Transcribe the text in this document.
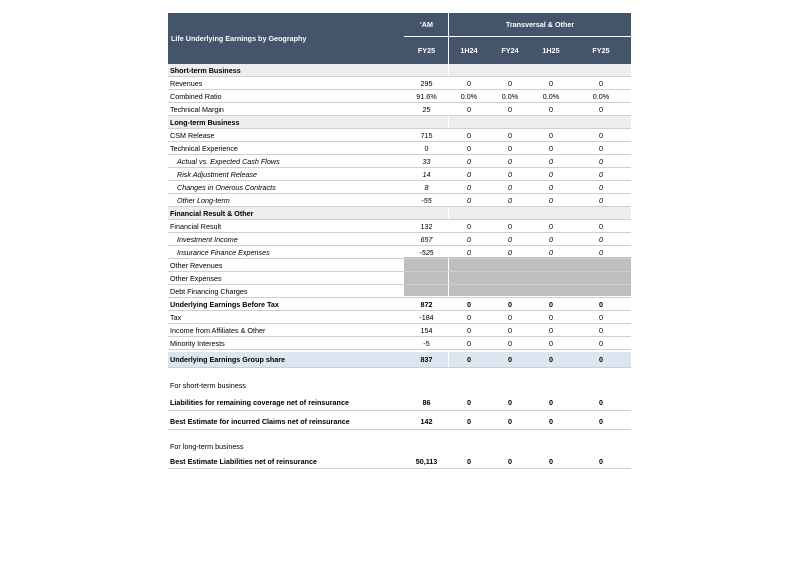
Life Underlying Earnings by Geography
'AM	Transversal & Other
FY25	1H24	FY24	1H25	FY25
Short-term Business
Revenues	295	0	0	0	0
Combined Ratio	91.6%	0.0%	0.0%	0.0%	0.0%
Technical Margin	25	0	0	0	0
Long-term Business
CSM Release	715	0	0	0	0
Technical Experience	0	0	0	0	0
Actual vs. Expected Cash Flows	33	0	0	0	0
Risk Adjustment Release	14	0	0	0	0
Changes in Onerous Contracts	8	0	0	0	0
Other Long-term	-55	0	0	0	0
Financial Result & Other
Financial Result	132	0	0	0	0
Investment Income	657	0	0	0	0
Insurance Finance Expenses	-525	0	0	0	0
Other Revenues
Other Expenses
Debt Financing Charges
Underlying Earnings Before Tax	872	0	0	0	0
Tax	-184	0	0	0	0
Income from Affiliates & Other	154	0	0	0	0
Minority Interests	-5	0	0	0	0
Underlying Earnings Group share	837	0	0	0	0
For short-term business
Liabilities for remaining coverage net of reinsurance	86	0	0	0	0
Best Estimate for incurred Claims net of reinsurance	142	0	0	0	0
For long-term business
Best Estimate Liabilities net of reinsurance	50,113	0	0	0	0
